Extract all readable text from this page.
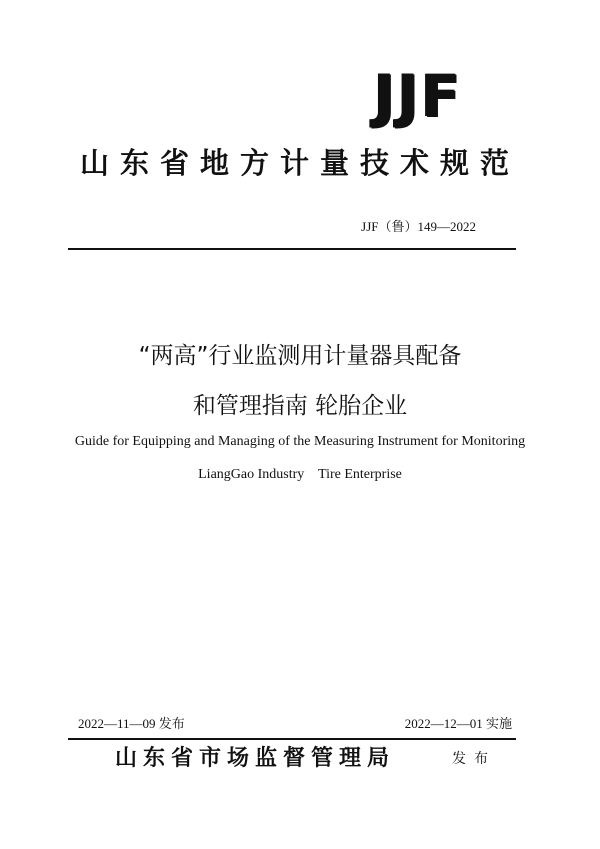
JJF
山东省地方计量技术规范
JJF（鲁）149—2022
“两高”行业监测用计量器具配备
和管理指南 轮胎企业
Guide for Equipping and Managing of the Measuring Instrument for Monitoring
LiangGao Industry    Tire Enterprise
2022—11—09 发布	2022—12—01 实施
山东省市场监督管理局	发布
